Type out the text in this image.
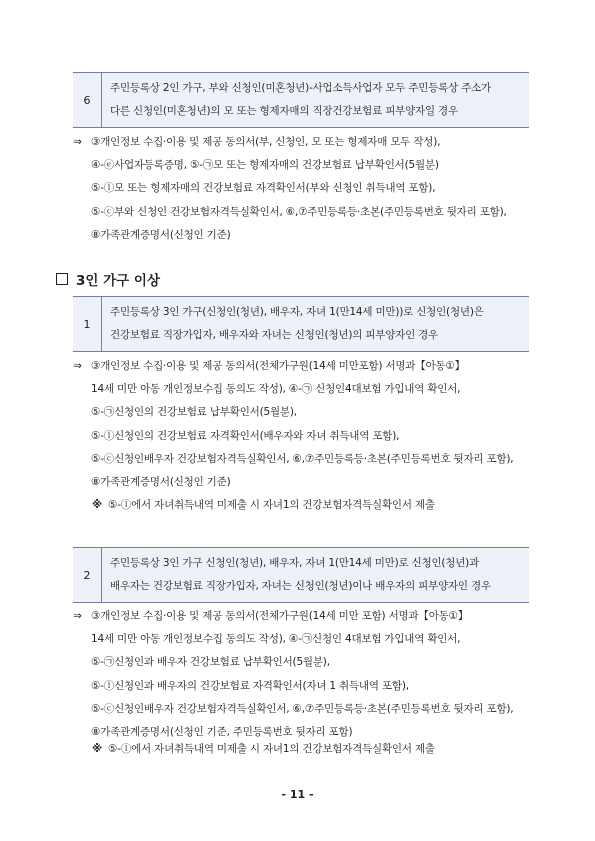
6
주민등록상 2인 가구, 부와 신청인(미혼청년)-사업소득사업자 모두 주민등록상 주소가
다른 신청인(미혼청년)의 모 또는 형제자매의 직장건강보험료 피부양자일 경우
⇒ ③개인정보 수집·이용 및 제공 동의서(부, 신청인, 모 또는 형제자매 모두 작성),
④-ⓔ사업자등록증명, ⑤-㉠모 또는 형제자매의 건강보험료 납부확인서(5월분)
⑤-ⓛ모 또는 형제자매의 건강보험료 자격확인서(부와 신청인 취득내역 포함),
⑤-ⓒ부와 신청인 건강보험자격득실확인서, ⑥,⑦주민등록등·초본(주민등록번호 뒷자리 포함),
⑧가족관계증명서(신청인 기준)
3인 가구 이상
1
주민등록상 3인 가구(신청인(청년), 배우자, 자녀 1(만14세 미만))로 신청인(청년)은
건강보험료 직장가입자, 배우자와 자녀는 신청인(청년)의 피부양자인 경우
⇒ ③개인정보 수집·이용 및 제공 동의서(전체가구원(14세 미만포함) 서명과【아동①】
14세 미만 아동 개인정보수집 동의도 작성), ④-㉠ 신청인4대보험 가입내역 확인서,
⑤-㉠신청인의 건강보험료 납부확인서(5월분),
⑤-ⓛ신청인의 건강보험료 자격확인서(배우자와 자녀 취득내역 포함),
⑤-ⓒ신청인배우자 건강보험자격득실확인서, ⑥,⑦주민등록등·초본(주민등록번호 뒷자리 포함),
⑧가족관계증명서(신청인 기준)
※ ⑤-ⓛ에서 자녀취득내역 미제출 시 자녀1의 건강보험자격득실확인서 제출
2
주민등록상 3인 가구 신청인(청년), 배우자, 자녀 1(만14세 미만)로 신청인(청년)과
배우자는 건강보험료 직장가입자, 자녀는 신청인(청년)이나 배우자의 피부양자인 경우
⇒ ③개인정보 수집·이용 및 제공 동의서(전체가구원(14세 미만 포함) 서명과【아동①】
14세 미만 아동 개인정보수집 동의도 작성), ④-㉠신청인 4대보험 가입내역 확인서,
⑤-㉠신청인과 배우자 건강보험료 납부확인서(5월분),
⑤-ⓛ신청인과 배우자의 건강보험료 자격확인서(자녀 1 취득내역 포함),
⑤-ⓒ신청인배우자 건강보험자격득실확인서, ⑥,⑦주민등록등·초본(주민등록번호 뒷자리 포함),
⑧가족관계증명서(신청인 기준, 주민등록번호 뒷자리 포함)
※ ⑤-ⓛ에서 자녀취득내역 미제출 시 자녀1의 건강보험자격득실확인서 제출
- 11 -
